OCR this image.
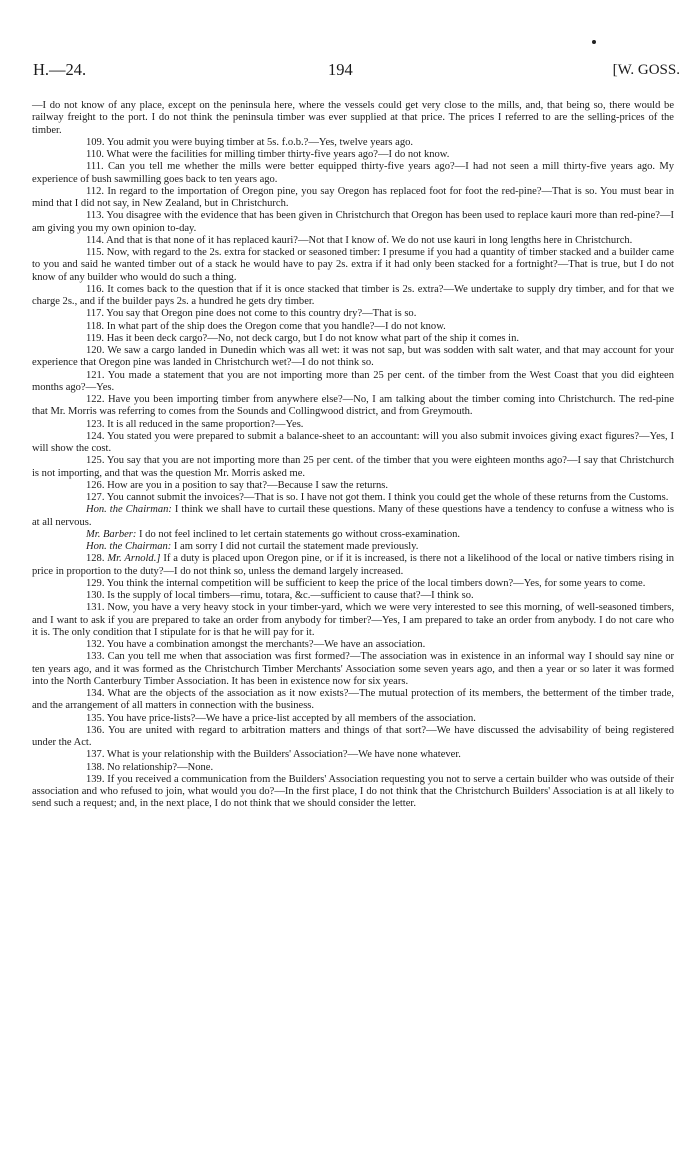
H.—24.	194	[W. GOSS.

—I do not know of any place, except on the peninsula here, where the vessels could get very close to the mills, and, that being so, there would be railway freight to the port. I do not think the peninsula timber was ever supplied at that price. The prices I referred to are the selling-prices of the timber.

109. You admit you were buying timber at 5s. f.o.b.?—Yes, twelve years ago.

110. What were the facilities for milling timber thirty-five years ago?—I do not know.

111. Can you tell me whether the mills were better equipped thirty-five years ago?—I had not seen a mill thirty-five years ago. My experience of bush sawmilling goes back to ten years ago.

112. In regard to the importation of Oregon pine, you say Oregon has replaced foot for foot the red-pine?—That is so. You must bear in mind that I did not say, in New Zealand, but in Christchurch.

113. You disagree with the evidence that has been given in Christchurch that Oregon has been used to replace kauri more than red-pine?—I am giving you my own opinion to-day.

114. And that is that none of it has replaced kauri?—Not that I know of. We do not use kauri in long lengths here in Christchurch.

115. Now, with regard to the 2s. extra for stacked or seasoned timber: I presume if you had a quantity of timber stacked and a builder came to you and said he wanted timber out of a stack he would have to pay 2s. extra if it had only been stacked for a fortnight?—That is true, but I do not know of any builder who would do such a thing.

116. It comes back to the question that if it is once stacked that timber is 2s. extra?—We undertake to supply dry timber, and for that we charge 2s., and if the builder pays 2s. a hundred he gets dry timber.

117. You say that Oregon pine does not come to this country dry?—That is so.

118. In what part of the ship does the Oregon come that you handle?—I do not know.

119. Has it been deck cargo?—No, not deck cargo, but I do not know what part of the ship it comes in.

120. We saw a cargo landed in Dunedin which was all wet: it was not sap, but was sodden with salt water, and that may account for your experience that Oregon pine was landed in Christchurch wet?—I do not think so.

121. You made a statement that you are not importing more than 25 per cent. of the timber from the West Coast that you did eighteen months ago?—Yes.

122. Have you been importing timber from anywhere else?—No, I am talking about the timber coming into Christchurch. The red-pine that Mr. Morris was referring to comes from the Sounds and Collingwood district, and from Greymouth.

123. It is all reduced in the same proportion?—Yes.

124. You stated you were prepared to submit a balance-sheet to an accountant: will you also submit invoices giving exact figures?—Yes, I will show the cost.

125. You say that you are not importing more than 25 per cent. of the timber that you were eighteen months ago?—I say that Christchurch is not importing, and that was the question Mr. Morris asked me.

126. How are you in a position to say that?—Because I saw the returns.

127. You cannot submit the invoices?—That is so. I have not got them. I think you could get the whole of these returns from the Customs.

Hon. the Chairman: I think we shall have to curtail these questions. Many of these questions have a tendency to confuse a witness who is at all nervous.

Mr. Barber: I do not feel inclined to let certain statements go without cross-examination.

Hon. the Chairman: I am sorry I did not curtail the statement made previously.

128. Mr. Arnold.] If a duty is placed upon Oregon pine, or if it is increased, is there not a likelihood of the local or native timbers rising in price in proportion to the duty?—I do not think so, unless the demand largely increased.

129. You think the internal competition will be sufficient to keep the price of the local timbers down?—Yes, for some years to come.

130. Is the supply of local timbers—rimu, totara, &c.—sufficient to cause that?—I think so.

131. Now, you have a very heavy stock in your timber-yard, which we were very interested to see this morning, of well-seasoned timbers, and I want to ask if you are prepared to take an order from anybody for timber?—Yes, I am prepared to take an order from anybody. I do not care who it is. The only condition that I stipulate for is that he will pay for it.

132. You have a combination amongst the merchants?—We have an association.

133. Can you tell me when that association was first formed?—The association was in existence in an informal way I should say nine or ten years ago, and it was formed as the Christchurch Timber Merchants' Association some seven years ago, and then a year or so later it was formed into the North Canterbury Timber Association. It has been in existence now for six years.

134. What are the objects of the association as it now exists?—The mutual protection of its members, the betterment of the timber trade, and the arrangement of all matters in connection with the business.

135. You have price-lists?—We have a price-list accepted by all members of the association.

136. You are united with regard to arbitration matters and things of that sort?—We have discussed the advisability of being registered under the Act.

137. What is your relationship with the Builders' Association?—We have none whatever.

138. No relationship?—None.

139. If you received a communication from the Builders' Association requesting you not to serve a certain builder who was outside of their association and who refused to join, what would you do?—In the first place, I do not think that the Christchurch Builders' Association is at all likely to send such a request; and, in the next place, I do not think that we should consider the letter.
